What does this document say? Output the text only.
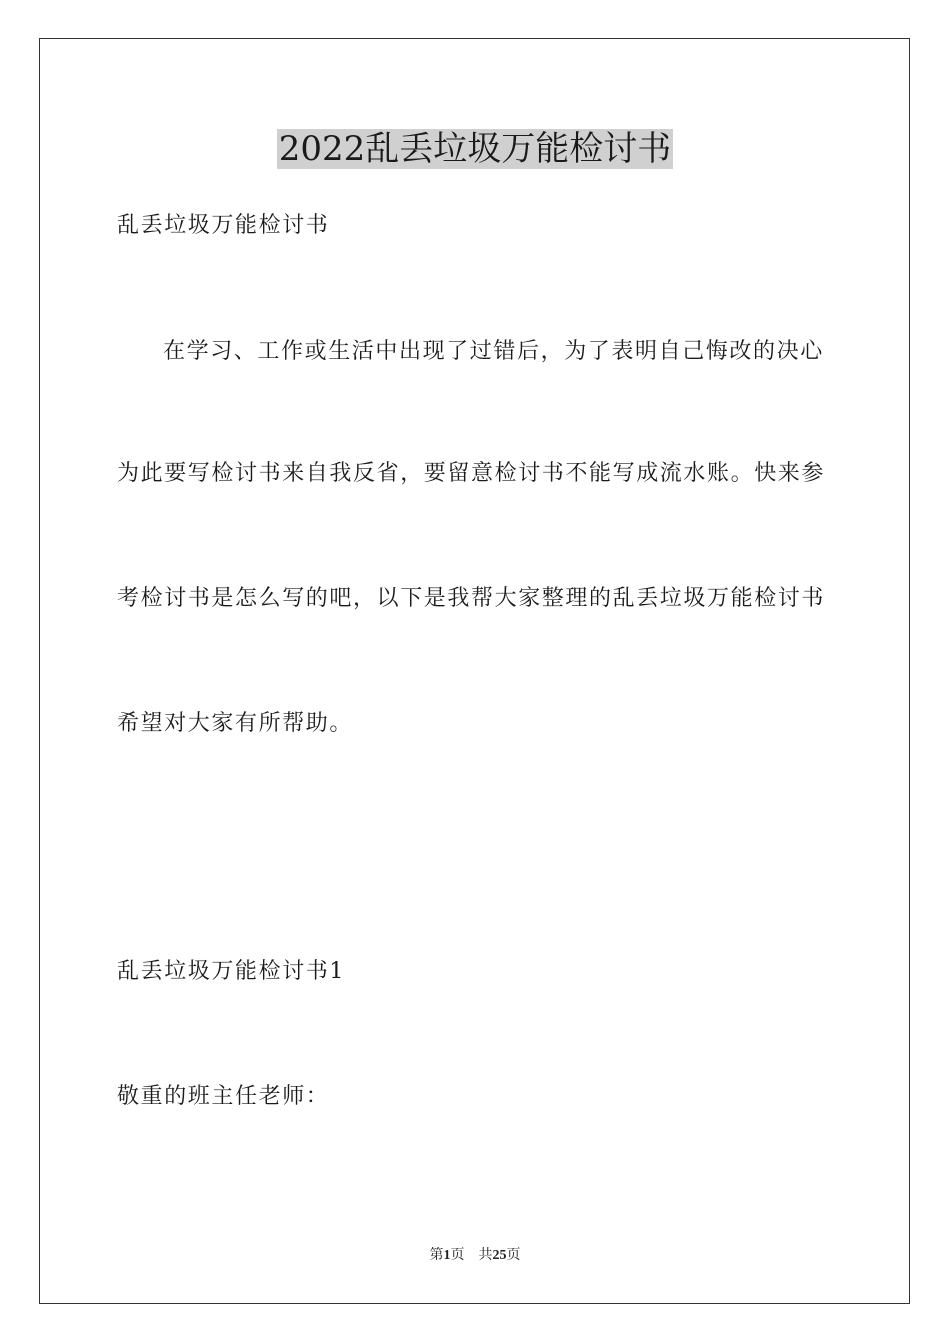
2022乱丢垃圾万能检讨书

乱丢垃圾万能检讨书

在学习、工作或生活中出现了过错后，为了表明自己悔改的决心

为此要写检讨书来自我反省，要留意检讨书不能写成流水账。快来参

考检讨书是怎么写的吧，以下是我帮大家整理的乱丢垃圾万能检讨书

希望对大家有所帮助。

乱丢垃圾万能检讨书1

敬重的班主任老师：

第1页 共25页
